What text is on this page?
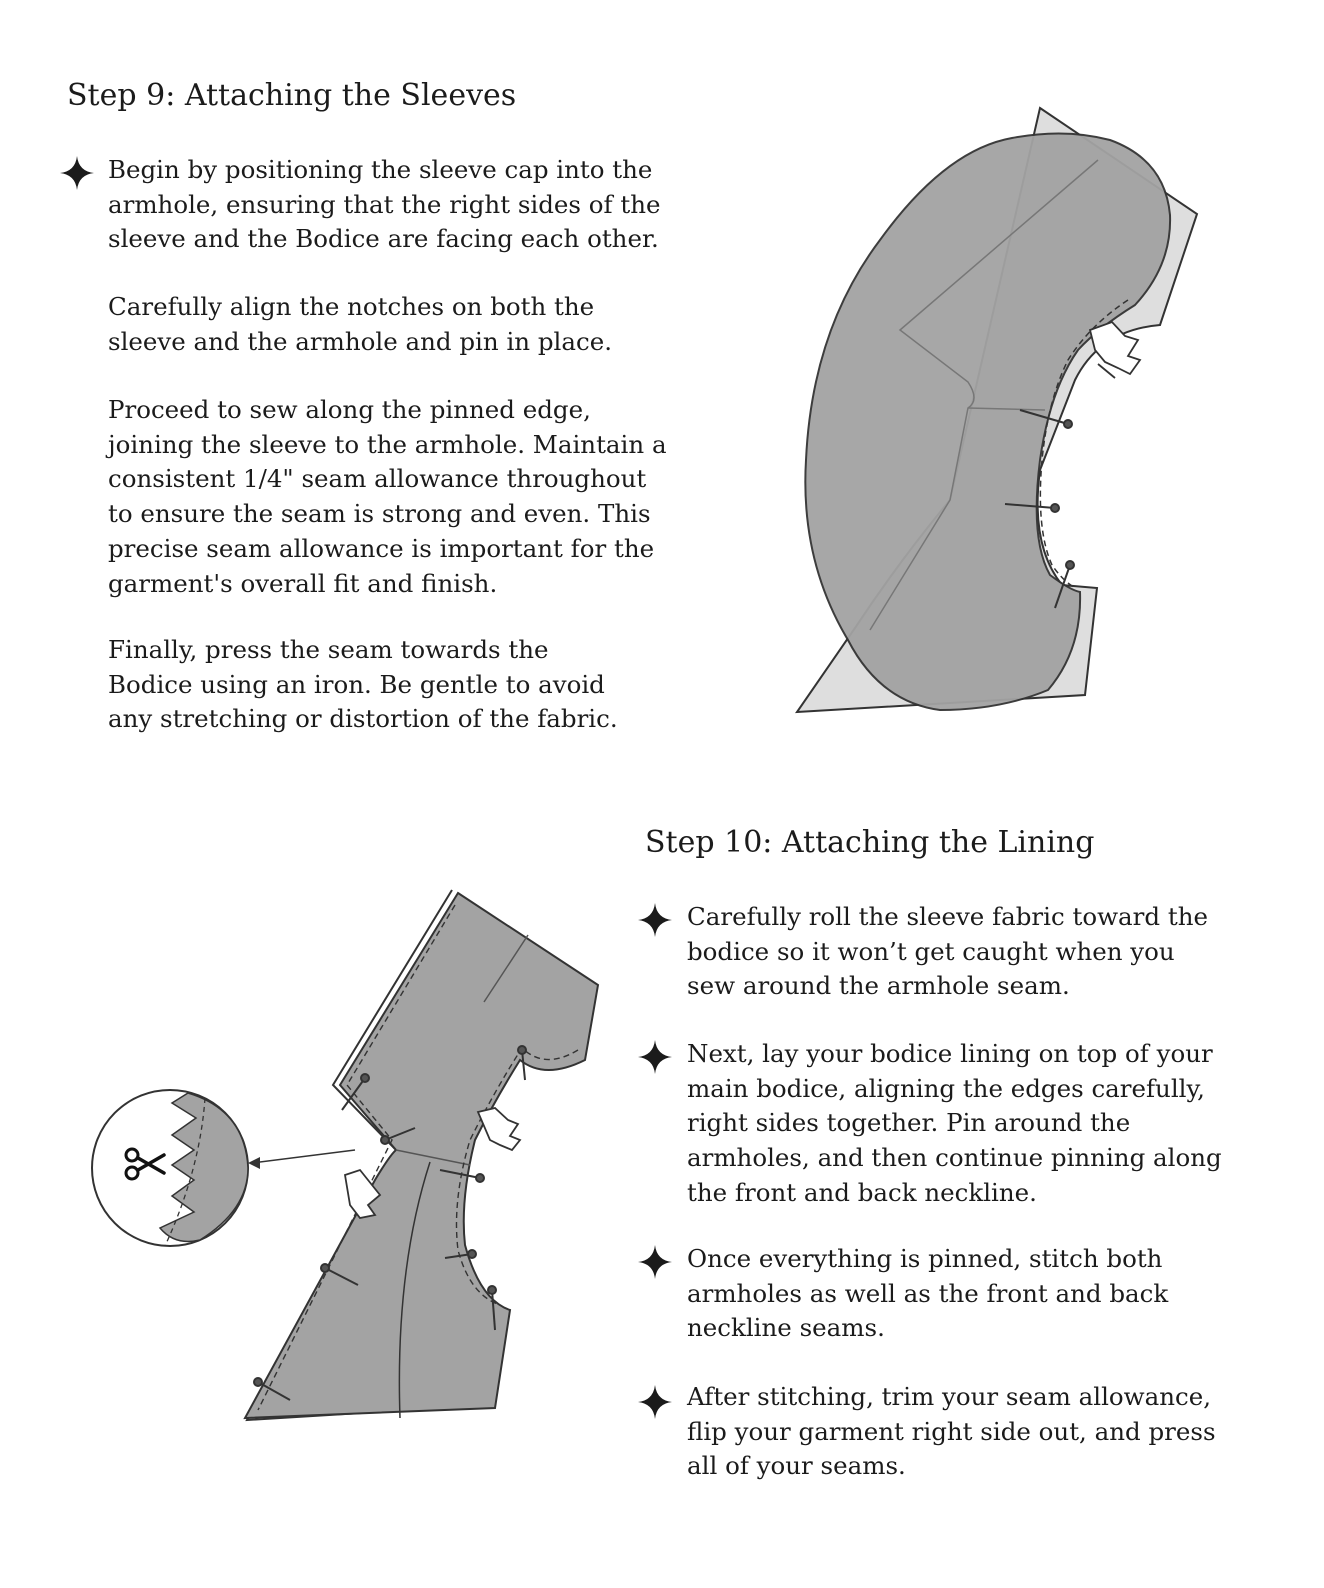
Step 9: Attaching the Sleeves

Begin by positioning the sleeve cap into the armhole, ensuring that the right sides of the sleeve and the Bodice are facing each other.

Carefully align the notches on both the sleeve and the armhole and pin in place.

Proceed to sew along the pinned edge, joining the sleeve to the armhole. Maintain a consistent 1/4" seam allowance throughout to ensure the seam is strong and even. This precise seam allowance is important for the garment's overall fit and finish.

Finally, press the seam towards the Bodice using an iron. Be gentle to avoid any stretching or distortion of the fabric.

Step 10: Attaching the Lining

Carefully roll the sleeve fabric toward the bodice so it won’t get caught when you sew around the armhole seam.

Next, lay your bodice lining on top of your main bodice, aligning the edges carefully, right sides together. Pin around the armholes, and then continue pinning along the front and back neckline.

Once everything is pinned, stitch both armholes as well as the front and back neckline seams.

After stitching, trim your seam allowance, flip your garment right side out, and press all of your seams.
